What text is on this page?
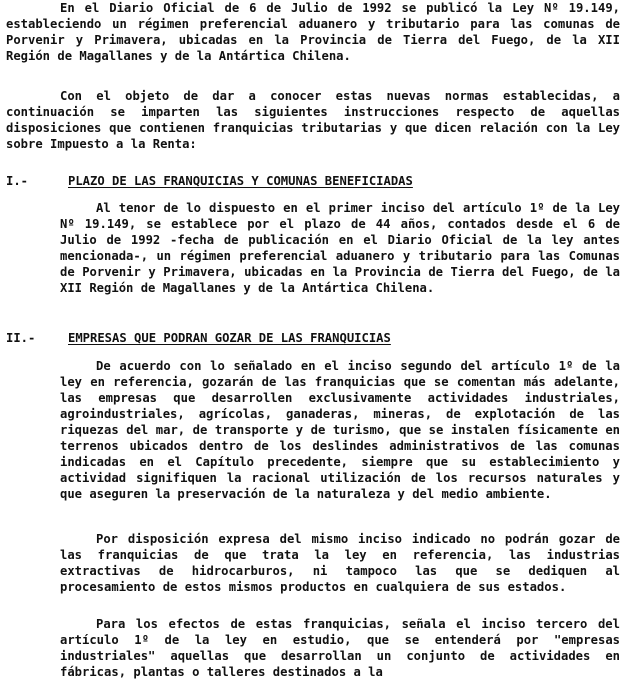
En el Diario Oficial de 6 de Julio de 1992 se publicó la Ley Nº 19.149, estableciendo un régimen preferencial aduanero y tributario para las comunas de Porvenir y Primavera, ubicadas en la Provincia de Tierra del Fuego, de la XII Región de Magallanes y de la Antártica Chilena.

Con el objeto de dar a conocer estas nuevas normas establecidas, a continuación se imparten las siguientes instrucciones respecto de aquellas disposiciones que contienen franquicias tributarias y que dicen relación con la Ley sobre Impuesto a la Renta:

I.-	PLAZO DE LAS FRANQUICIAS Y COMUNAS BENEFICIADAS

Al tenor de lo dispuesto en el primer inciso del artículo 1º de la Ley Nº 19.149, se establece por el plazo de 44 años, contados desde el 6 de Julio de 1992 -fecha de publicación en el Diario Oficial de la ley antes mencionada-, un régimen preferencial aduanero y tributario para las Comunas de Porvenir y Primavera, ubicadas en la Provincia de Tierra del Fuego, de la XII Región de Magallanes y de la Antártica Chilena.

II.-	EMPRESAS QUE PODRAN GOZAR DE LAS FRANQUICIAS

De acuerdo con lo señalado en el inciso segundo del artículo 1º de la ley en referencia, gozarán de las franquicias que se comentan más adelante, las empresas que desarrollen exclusivamente actividades industriales, agroindustriales, agrícolas, ganaderas, mineras, de explotación de las riquezas del mar, de transporte y de turismo, que se instalen físicamente en terrenos ubicados dentro de los deslindes administrativos de las comunas indicadas en el Capítulo precedente, siempre que su establecimiento y actividad signifiquen la racional utilización de los recursos naturales y que aseguren la preservación de la naturaleza y del medio ambiente.

Por disposición expresa del mismo inciso indicado no podrán gozar de las franquicias de que trata la ley en referencia, las industrias extractivas de hidrocarburos, ni tampoco las que se dediquen al procesamiento de estos mismos productos en cualquiera de sus estados.

Para los efectos de estas franquicias, señala el inciso tercero del artículo 1º de la ley en estudio, que se entenderá por "empresas industriales" aquellas que desarrollan un conjunto de actividades en fábricas, plantas o talleres destinados a la
